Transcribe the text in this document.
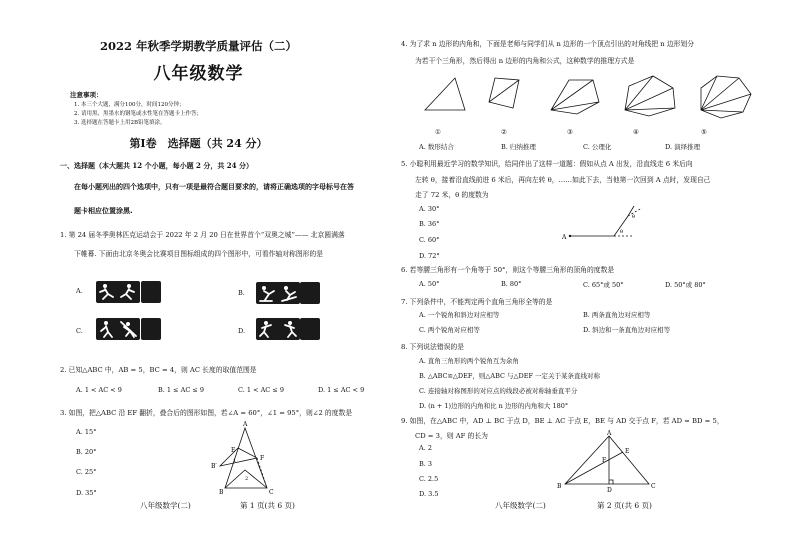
2022 年秋季学期教学质量评估（二）
八年级数学
注意事项：
1. 本三个大题，满分100分，时间120分钟；
2. 请用黑、黑墨水的钢笔或水性笔在答题卡上作答；
3. 选择题在答题卡上用2B铅笔填涂。
第Ⅰ卷　选择题（共 24 分）
一、选择题（本大题共 12 个小题，每小题 2 分，共 24 分）
在每小题列出的四个选项中，只有一项是最符合题目要求的，请将正确选项的字母标号在答
题卡相应位置涂黑.
1. 第 24 届冬季奥林匹克运动会于 2022 年 2 月 20 日在世界首个“双奥之城”—— 北京圆满落
下帷幕. 下面由北京冬奥会比赛项目图标组成的四个图形中，可看作轴对称图形的是
A.	B.
C.	D.
2. 已知△ABC 中，AB = 5，BC = 4，则 AC 长度的取值范围是
A. 1 < AC < 9	B. 1 ≤ AC ≤ 9	C. 1 < AC ≤ 9	D. 1 ≤ AC < 9
3. 如图，把△ABC 沿 EF 翻折，叠合后的图形如图，若∠A = 60°，∠1 = 95°，则∠2 的度数是
A. 15°
B. 20°
C. 25°
D. 35°
A
B′
E
F
1
2
C
B
八年级数学(二)	第 1 页(共 6 页)
4. 为了求 n 边形的内角和，下面是老师与同学们从 n 边形的一个顶点引出的对角线把 n 边形划分
为若干个三角形，然后得出 n 边形的内角和公式，这种数学的推理方式是
①	②	③	④	⑤
A. 数形结合	B. 归纳推理	C. 公理化	D. 演绎推理
5. 小聪利用最近学习的数学知识，给同伴出了这样一道题：假如从点 A 出发，沿直线走 6 米后向
左转 θ，接着沿直线前进 6 米后，再向左转 θ，……如此下去，当他第一次回到 A 点时，发现自己
走了 72 米，θ 的度数为
A. 30°
B. 36°
C. 60°
D. 72°
A
θ
θ
6. 若等腰三角形有一个角等于 50°，则这个等腰三角形的顶角的度数是
A. 50°	B. 80°	C. 65°或 50°	D. 50°或 80°
7. 下列条件中，不能判定两个直角三角形全等的是
A. 一个锐角和斜边对应相等	B. 两条直角边对应相等
C. 两个锐角对应相等	D. 斜边和一条直角边对应相等
8. 下列说法错误的是
A. 直角三角形的两个锐角互为余角
B. △ABC≌△DEF，则△ABC 与△DEF 一定关于某条直线对称
C. 连接轴对称图形的对应点的线段必被对称轴垂直平分
D. (n + 1)边形的内角和比 n 边形的内角和大 180°
9. 如图，在△ABC 中，AD ⊥ BC 于点 D，BE ⊥ AC 于点 E，BE 与 AD 交于点 F，若 AD = BD = 5，
CD = 3，则 AF 的长为
A. 2
B. 3
C. 2.5
D. 3.5
A
E
F
B
D
C
八年级数学(二)	第 2 页(共 6 页)
